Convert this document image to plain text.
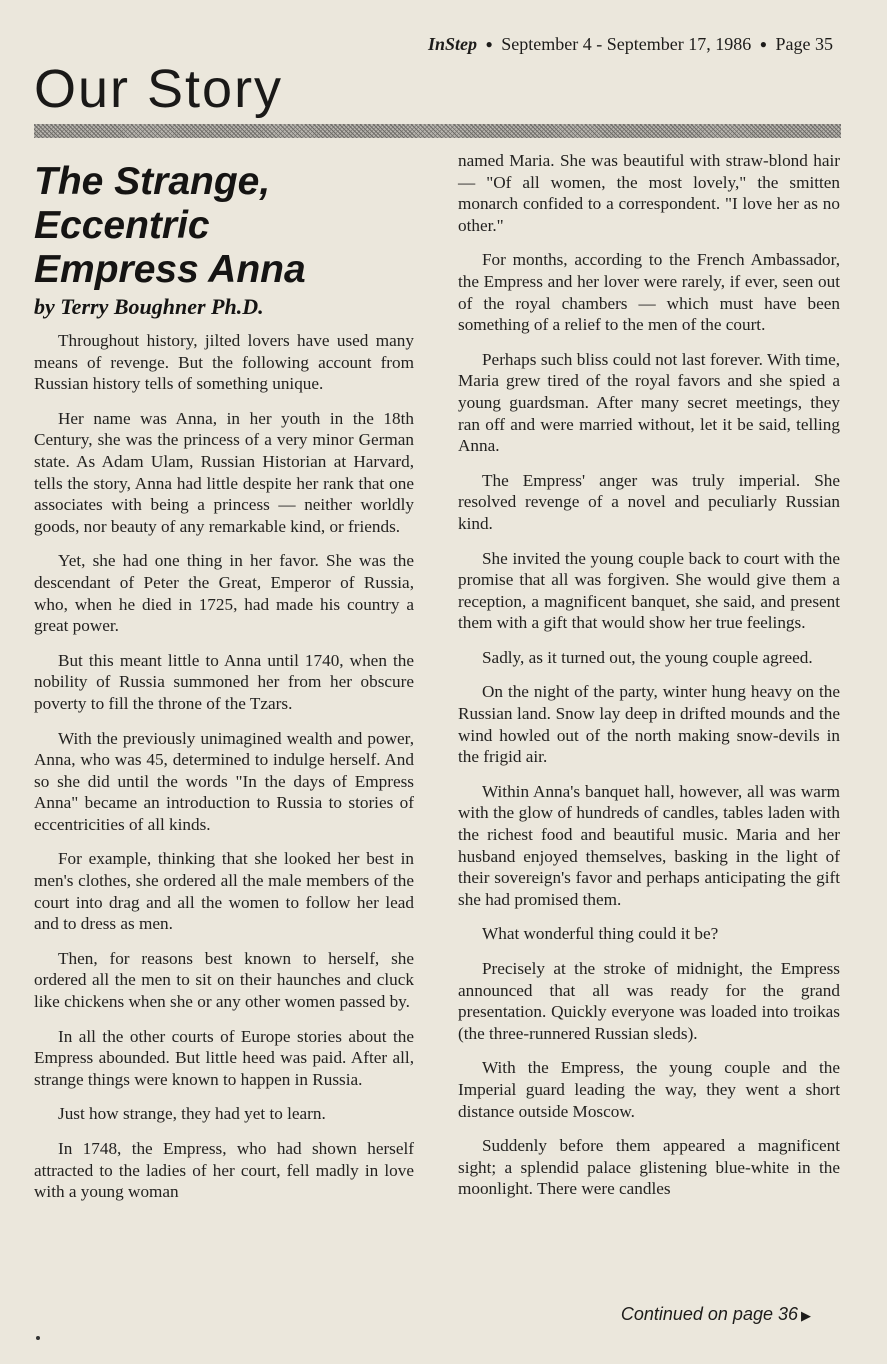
InStep ● September 4 - September 17, 1986 ● Page 35
Our Story
The Strange,
Eccentric
Empress Anna
by Terry Boughner Ph.D.

Throughout history, jilted lovers have used many means of revenge. But the following account from Russian history tells of something unique.

Her name was Anna, in her youth in the 18th Century, she was the princess of a very minor German state. As Adam Ulam, Russian Historian at Harvard, tells the story, Anna had little despite her rank that one associates with being a princess — neither worldly goods, nor beauty of any remarkable kind, or friends.

Yet, she had one thing in her favor. She was the descendant of Peter the Great, Emperor of Russia, who, when he died in 1725, had made his country a great power.

But this meant little to Anna until 1740, when the nobility of Russia summoned her from her obscure poverty to fill the throne of the Tzars.

With the previously unimagined wealth and power, Anna, who was 45, determined to indulge herself. And so she did until the words "In the days of Empress Anna" became an introduction to Russia to stories of eccentricities of all kinds.

For example, thinking that she looked her best in men's clothes, she ordered all the male members of the court into drag and all the women to follow her lead and to dress as men.

Then, for reasons best known to herself, she ordered all the men to sit on their haunches and cluck like chickens when she or any other women passed by.

In all the other courts of Europe stories about the Empress abounded. But little heed was paid. After all, strange things were known to happen in Russia.

Just how strange, they had yet to learn.

In 1748, the Empress, who had shown herself attracted to the ladies of her court, fell madly in love with a young woman

named Maria. She was beautiful with straw-blond hair — "Of all women, the most lovely," the smitten monarch confided to a correspondent. "I love her as no other."

For months, according to the French Ambassador, the Empress and her lover were rarely, if ever, seen out of the royal chambers — which must have been something of a relief to the men of the court.

Perhaps such bliss could not last forever. With time, Maria grew tired of the royal favors and she spied a young guardsman. After many secret meetings, they ran off and were married without, let it be said, telling Anna.

The Empress' anger was truly imperial. She resolved revenge of a novel and peculiarly Russian kind.

She invited the young couple back to court with the promise that all was forgiven. She would give them a reception, a magnificent banquet, she said, and present them with a gift that would show her true feelings.

Sadly, as it turned out, the young couple agreed.

On the night of the party, winter hung heavy on the Russian land. Snow lay deep in drifted mounds and the wind howled out of the north making snow-devils in the frigid air.

Within Anna's banquet hall, however, all was warm with the glow of hundreds of candles, tables laden with the richest food and beautiful music. Maria and her husband enjoyed themselves, basking in the light of their sovereign's favor and perhaps anticipating the gift she had promised them.

What wonderful thing could it be?

Precisely at the stroke of midnight, the Empress announced that all was ready for the grand presentation. Quickly everyone was loaded into troikas (the three-runnered Russian sleds).

With the Empress, the young couple and the Imperial guard leading the way, they went a short distance outside Moscow.

Suddenly before them appeared a magnificent sight; a splendid palace glistening blue-white in the moonlight. There were candles

Continued on page 36 ▶
